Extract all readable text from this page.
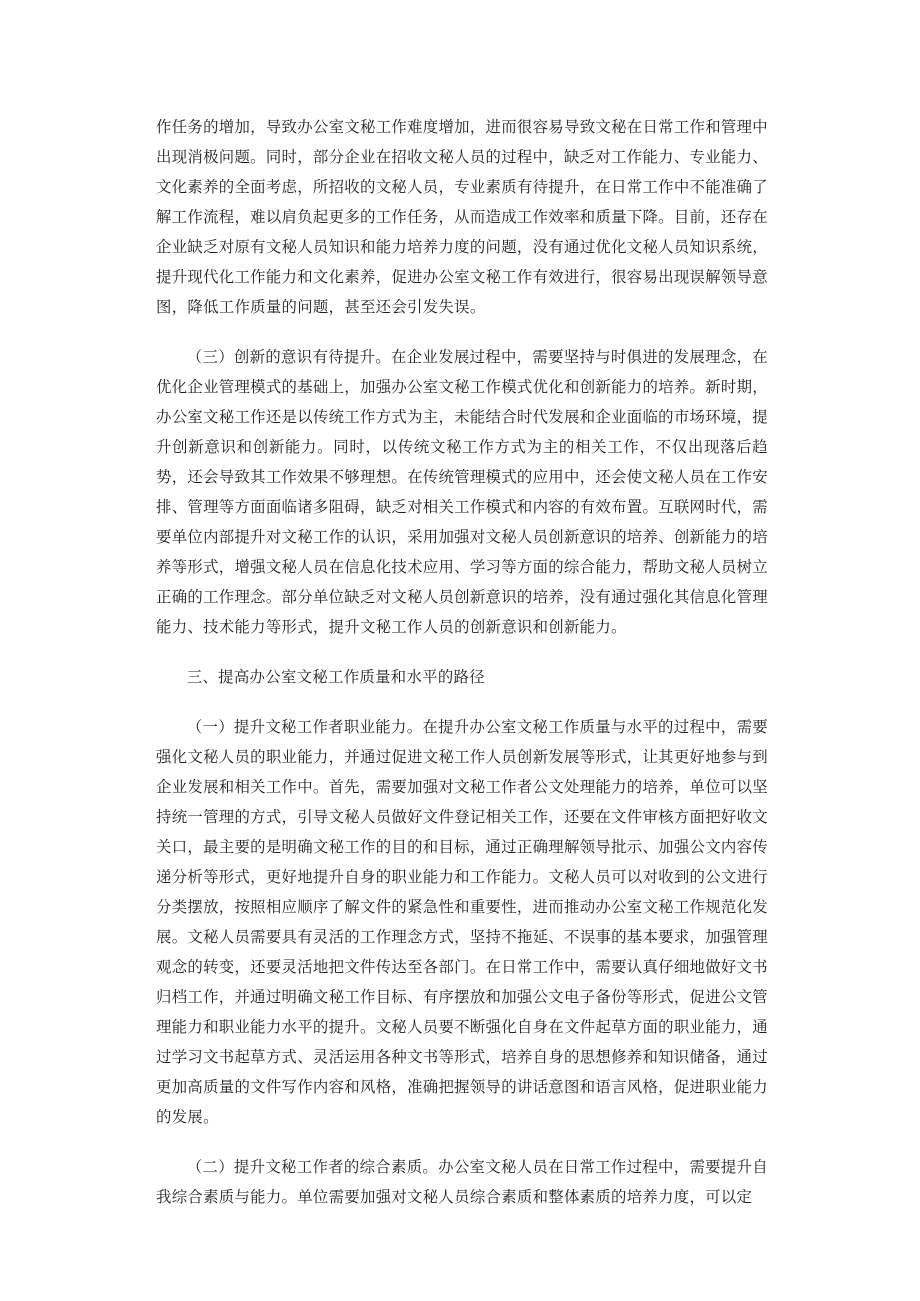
作任务的增加，导致办公室文秘工作难度增加，进而很容易导致文秘在日常工作和管理中出现消极问题。同时，部分企业在招收文秘人员的过程中，缺乏对工作能力、专业能力、文化素养的全面考虑，所招收的文秘人员，专业素质有待提升，在日常工作中不能准确了解工作流程，难以肩负起更多的工作任务，从而造成工作效率和质量下降。目前，还存在企业缺乏对原有文秘人员知识和能力培养力度的问题，没有通过优化文秘人员知识系统，提升现代化工作能力和文化素养，促进办公室文秘工作有效进行，很容易出现误解领导意图，降低工作质量的问题，甚至还会引发失误。

（三）创新的意识有待提升。在企业发展过程中，需要坚持与时俱进的发展理念，在优化企业管理模式的基础上，加强办公室文秘工作模式优化和创新能力的培养。新时期，办公室文秘工作还是以传统工作方式为主，未能结合时代发展和企业面临的市场环境，提升创新意识和创新能力。同时，以传统文秘工作方式为主的相关工作，不仅出现落后趋势，还会导致其工作效果不够理想。在传统管理模式的应用中，还会使文秘人员在工作安排、管理等方面面临诸多阻碍，缺乏对相关工作模式和内容的有效布置。互联网时代，需要单位内部提升对文秘工作的认识，采用加强对文秘人员创新意识的培养、创新能力的培养等形式，增强文秘人员在信息化技术应用、学习等方面的综合能力，帮助文秘人员树立正确的工作理念。部分单位缺乏对文秘人员创新意识的培养，没有通过强化其信息化管理能力、技术能力等形式，提升文秘工作人员的创新意识和创新能力。

三、提高办公室文秘工作质量和水平的路径

（一）提升文秘工作者职业能力。在提升办公室文秘工作质量与水平的过程中，需要强化文秘人员的职业能力，并通过促进文秘工作人员创新发展等形式，让其更好地参与到企业发展和相关工作中。首先，需要加强对文秘工作者公文处理能力的培养，单位可以坚持统一管理的方式，引导文秘人员做好文件登记相关工作，还要在文件审核方面把好收文关口，最主要的是明确文秘工作的目的和目标，通过正确理解领导批示、加强公文内容传递分析等形式，更好地提升自身的职业能力和工作能力。文秘人员可以对收到的公文进行分类摆放，按照相应顺序了解文件的紧急性和重要性，进而推动办公室文秘工作规范化发展。文秘人员需要具有灵活的工作理念方式，坚持不拖延、不误事的基本要求，加强管理观念的转变，还要灵活地把文件传达至各部门。在日常工作中，需要认真仔细地做好文书归档工作，并通过明确文秘工作目标、有序摆放和加强公文电子备份等形式，促进公文管理能力和职业能力水平的提升。文秘人员要不断强化自身在文件起草方面的职业能力，通过学习文书起草方式、灵活运用各种文书等形式，培养自身的思想修养和知识储备，通过更加高质量的文件写作内容和风格，准确把握领导的讲话意图和语言风格，促进职业能力的发展。

（二）提升文秘工作者的综合素质。办公室文秘人员在日常工作过程中，需要提升自我综合素质与能力。单位需要加强对文秘人员综合素质和整体素质的培养力度，可以定
